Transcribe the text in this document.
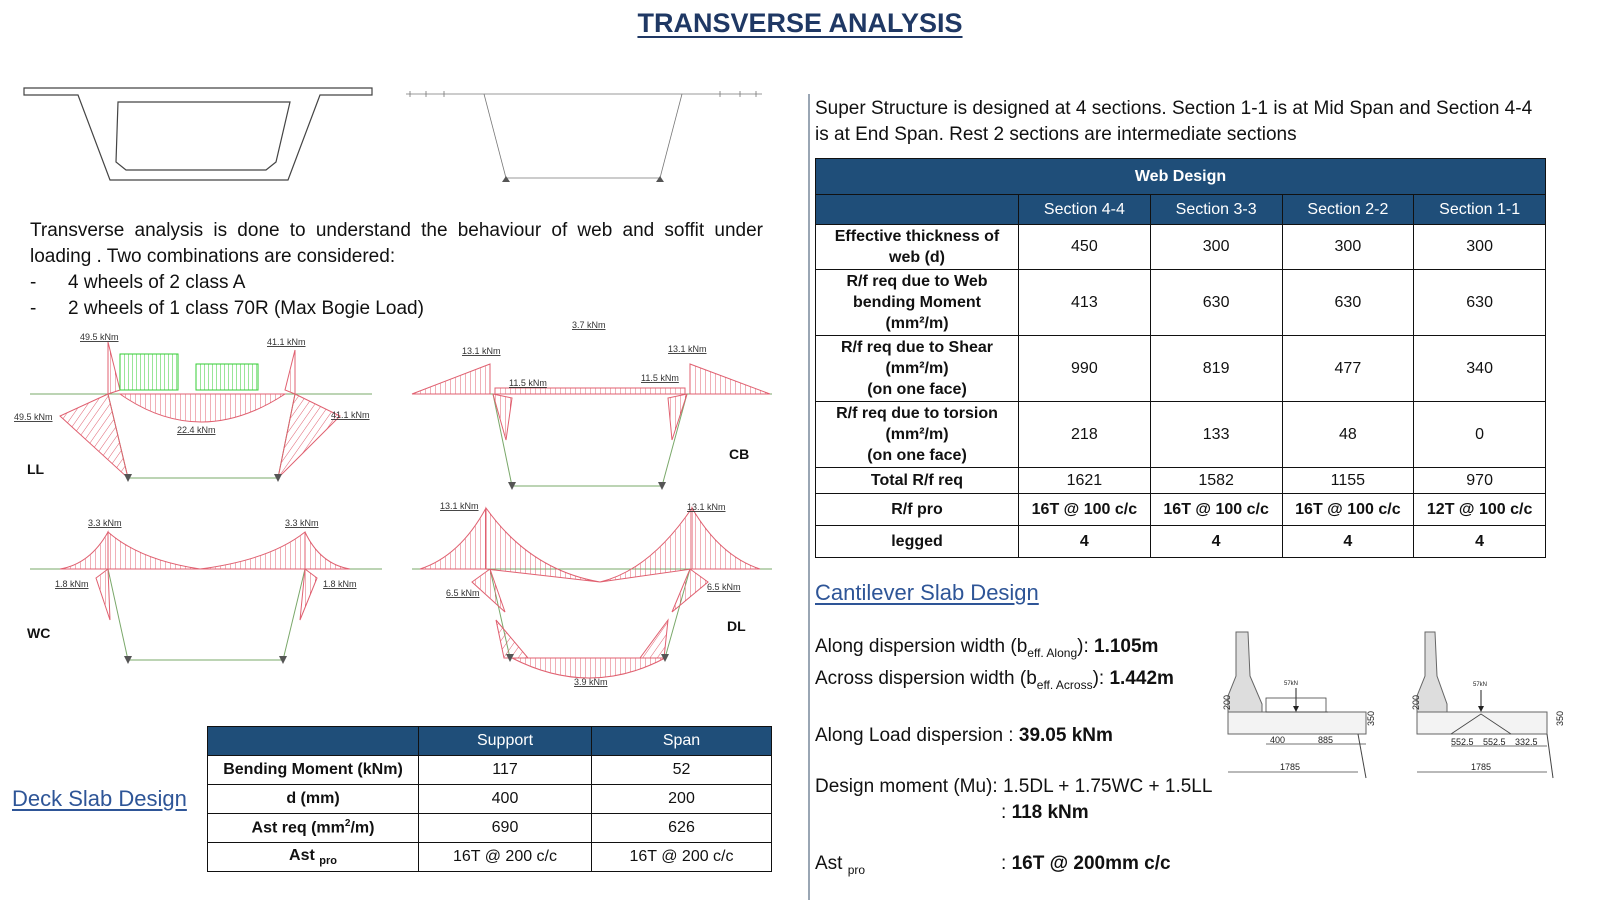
TRANSVERSE ANALYSIS
Transverse analysis is done to understand the behaviour of web and soffit under
loading . Two combinations are considered:
-	4 wheels of 2 class A
-	2 wheels of 1 class 70R (Max Bogie Load)
49.5 kNm	41.1 kNm
49.5 kNm	41.1 kNm
22.4 kNm
LL
3.7 kNm
13.1 kNm	13.1 kNm
11.5 kNm	11.5 kNm
CB
3.3 kNm	3.3 kNm
1.8 kNm	1.8 kNm
WC
13.1 kNm	13.1 kNm
6.5 kNm
6.5 kNm
3.9 kNm
DL
Deck Slab Design
	Support	Span
Bending Moment (kNm)	117	52
d (mm)	400	200
Ast req $(mm^2/m)$	690	626
Ast $_{pro}$	16T @ 200 c/c	16T @ 200 c/c
Super Structure is designed at 4 sections. Section 1-1 is at Mid Span and Section 4-4 is at End Span. Rest 2 sections are intermediate sections
Web Design				
	Section 4-4	Section 3-3	Section 2-2	Section 1-1

Effective thickness of
web (d)	450	300	300	300

R/f req due to Web
bending Moment
(mm²/m)	413	630	630	630

R/f req due to Shear
(mm²/m)
(on one face)	990	819	477	340

R/f req due to torsion
(mm²/m)
(on one face)	218	133	48	0

Total R/f req	1621	1582	1155	970

R/f pro	16T @ 100 c/c	16T @ 100 c/c	16T @ 100 c/c	12T @ 100 c/c

legged	4	4	4	4
Cantilever Slab Design
Along dispersion width $(b_{eff. Along})$: 1.105m
Across dispersion width $(b_{eff. Across})$: 1.442m
Along Load dispersion : 39.05 kNm
Design moment (Mu): 1.5DL + 1.75WC + 1.5LL
: 118 kNm
Ast $_{pro}$	: 16T @ 200mm c/c
57kN
200
400	885
350
1785
57kN
200
552.5 552.5 332.5
350
1785
